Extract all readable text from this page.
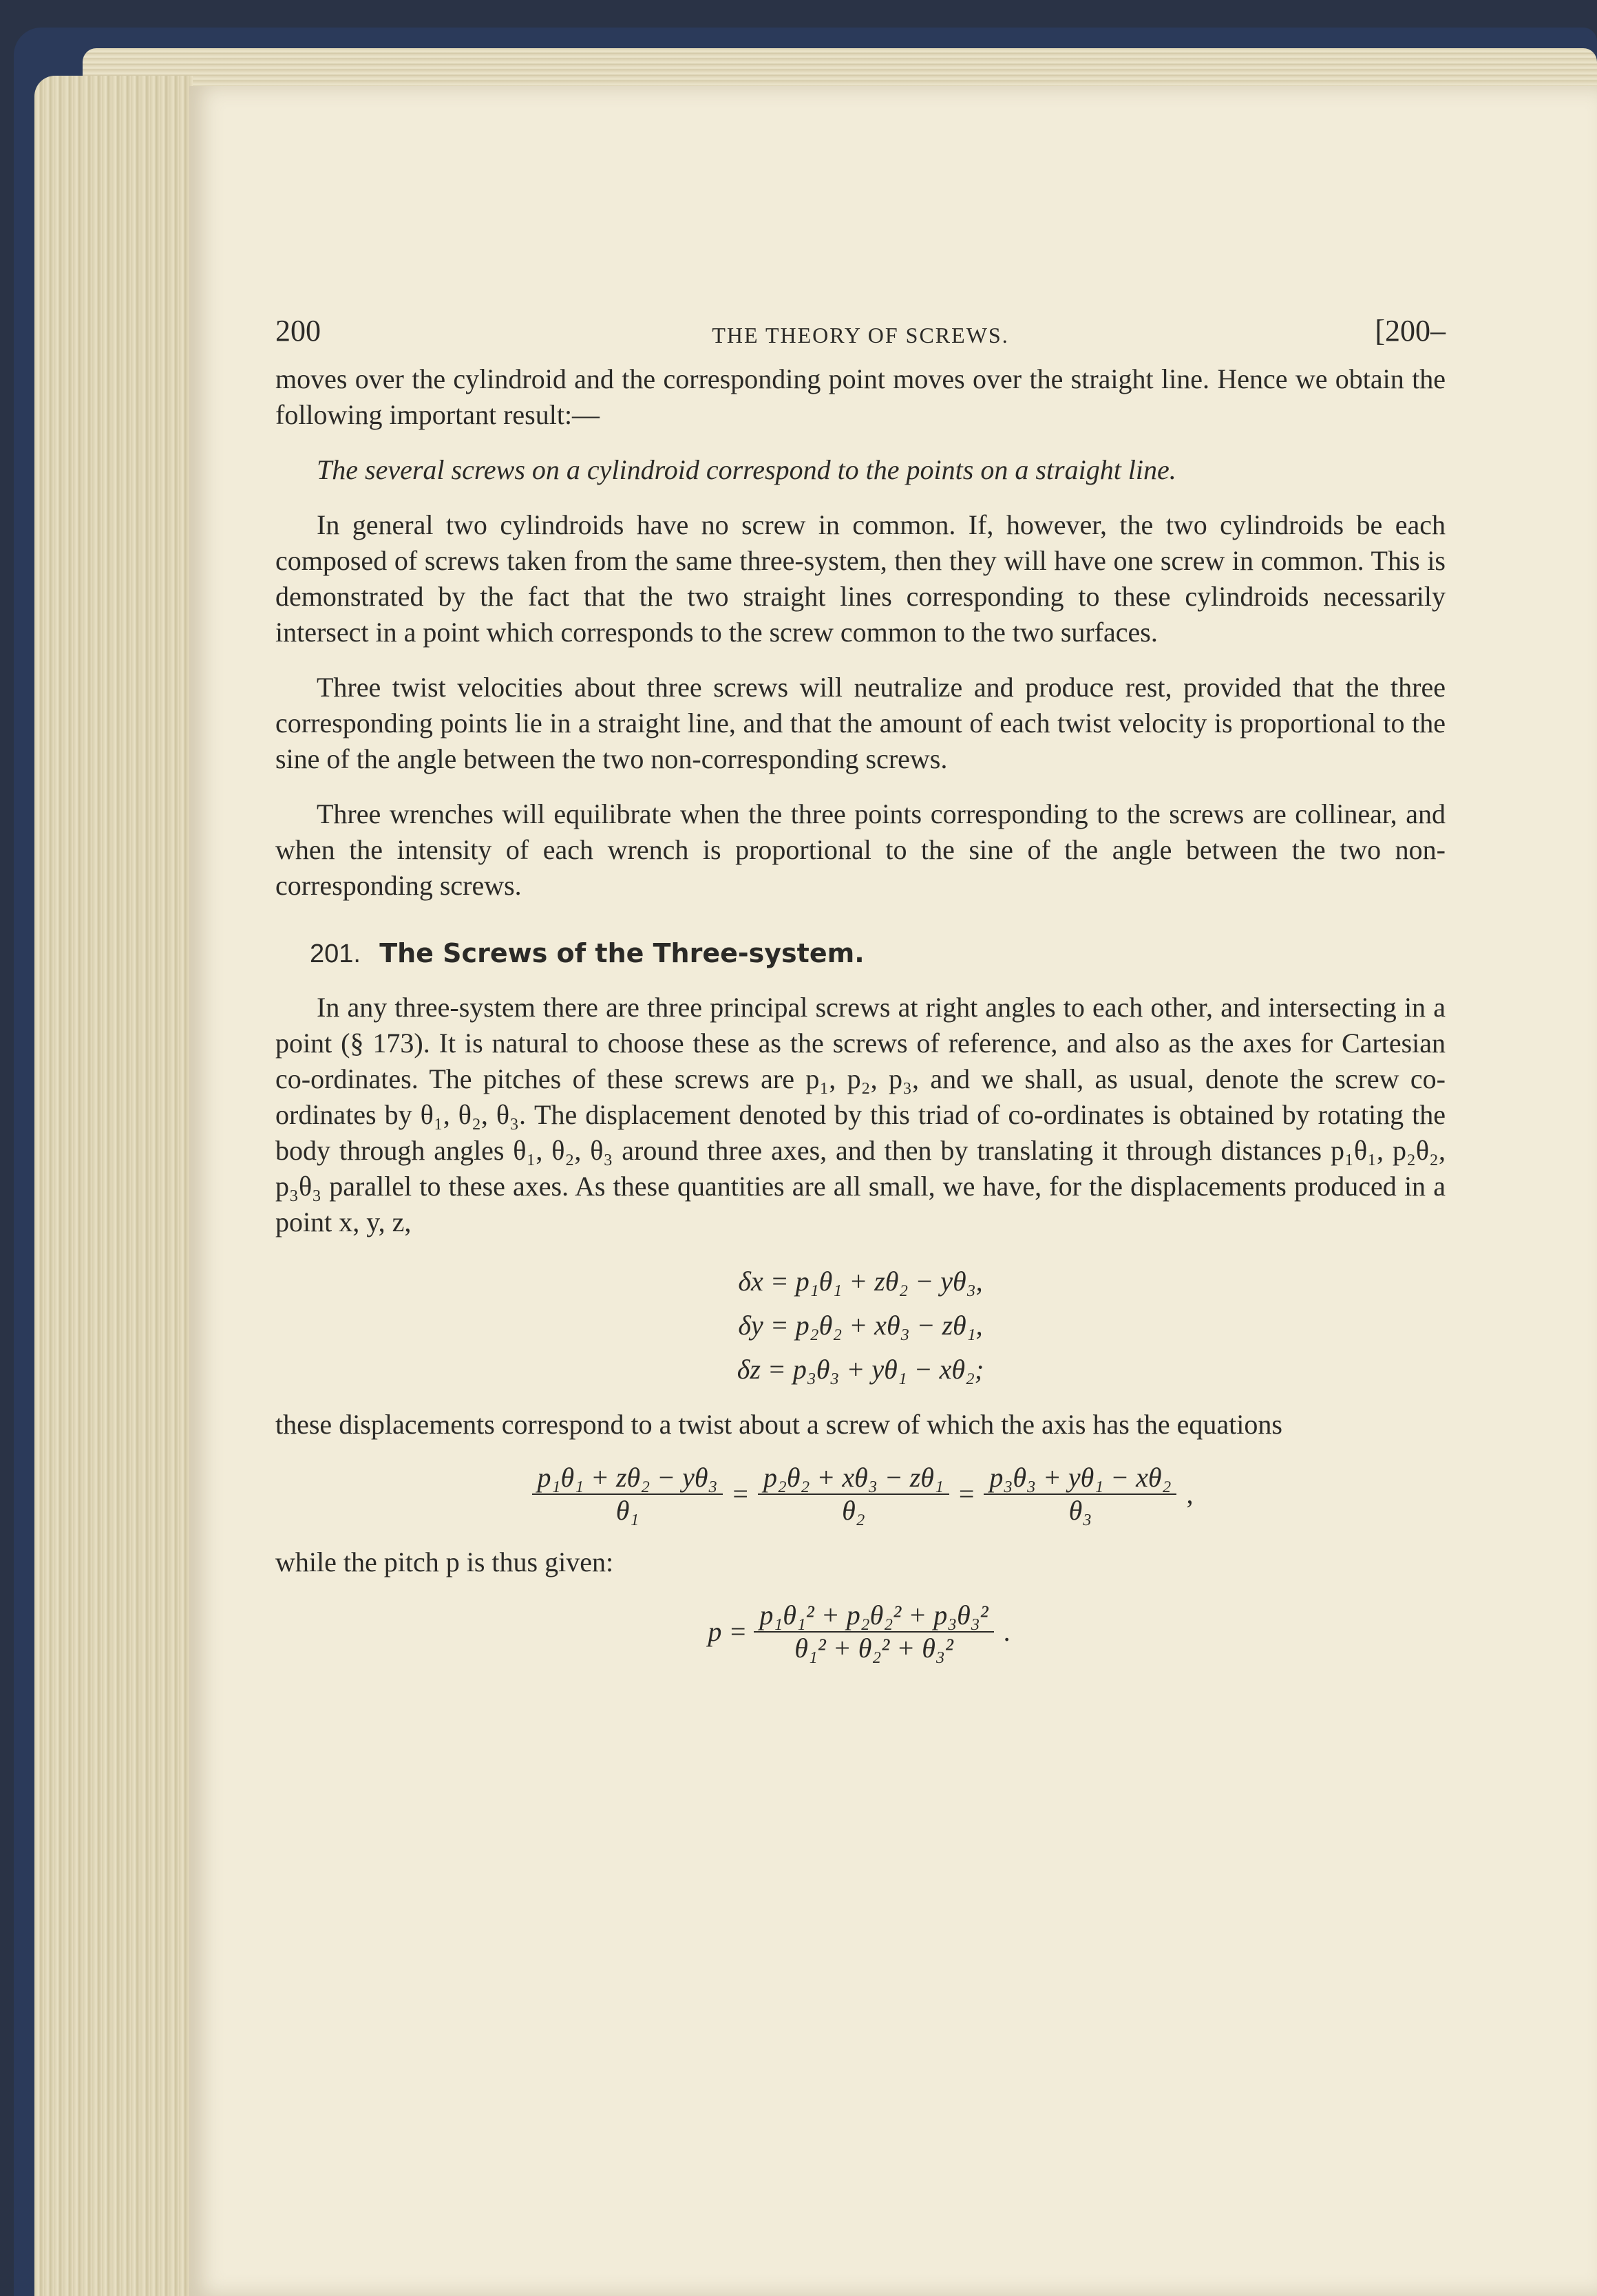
200	THE THEORY OF SCREWS.	[200–

moves over the cylindroid and the corresponding point moves over the straight line. Hence we obtain the following important result:—

The several screws on a cylindroid correspond to the points on a straight line.

In general two cylindroids have no screw in common. If, however, the two cylindroids be each composed of screws taken from the same three-system, then they will have one screw in common. This is demonstrated by the fact that the two straight lines corresponding to these cylindroids necessarily intersect in a point which corresponds to the screw common to the two surfaces.

Three twist velocities about three screws will neutralize and produce rest, provided that the three corresponding points lie in a straight line, and that the amount of each twist velocity is proportional to the sine of the angle between the two non-corresponding screws.

Three wrenches will equilibrate when the three points corresponding to the screws are collinear, and when the intensity of each wrench is proportional to the sine of the angle between the two non-corresponding screws.

201. The Screws of the Three-system.

In any three-system there are three principal screws at right angles to each other, and intersecting in a point (§ 173). It is natural to choose these as the screws of reference, and also as the axes for Cartesian co-ordinates. The pitches of these screws are p₁, p₂, p₃, and we shall, as usual, denote the screw co-ordinates by θ₁, θ₂, θ₃. The displacement denoted by this triad of co-ordinates is obtained by rotating the body through angles θ₁, θ₂, θ₃ around three axes, and then by translating it through distances p₁θ₁, p₂θ₂, p₃θ₃ parallel to these axes. As these quantities are all small, we have, for the displacements produced in a point x, y, z,

δx = p₁θ₁ + zθ₂ − yθ₃,
δy = p₂θ₂ + xθ₃ − zθ₁,
δz = p₃θ₃ + yθ₁ − xθ₂;

these displacements correspond to a twist about a screw of which the axis has the equations

$\frac{\text{p₁θ₁ + zθ₂ − yθ₃}}{\text{θ₁}} = \frac{\text{p₂θ₂ + xθ₃ − zθ₁}}{\text{θ₂}} = \frac{\text{p₃θ₃ + yθ₁ − xθ₂}}{\text{θ₃}}$ ,

while the pitch p is thus given:

$p = \frac{\text{p₁θ₁² + p₂θ₂² + p₃θ₃²}}{\text{θ₁² + θ₂² + θ₃²}}$ .
